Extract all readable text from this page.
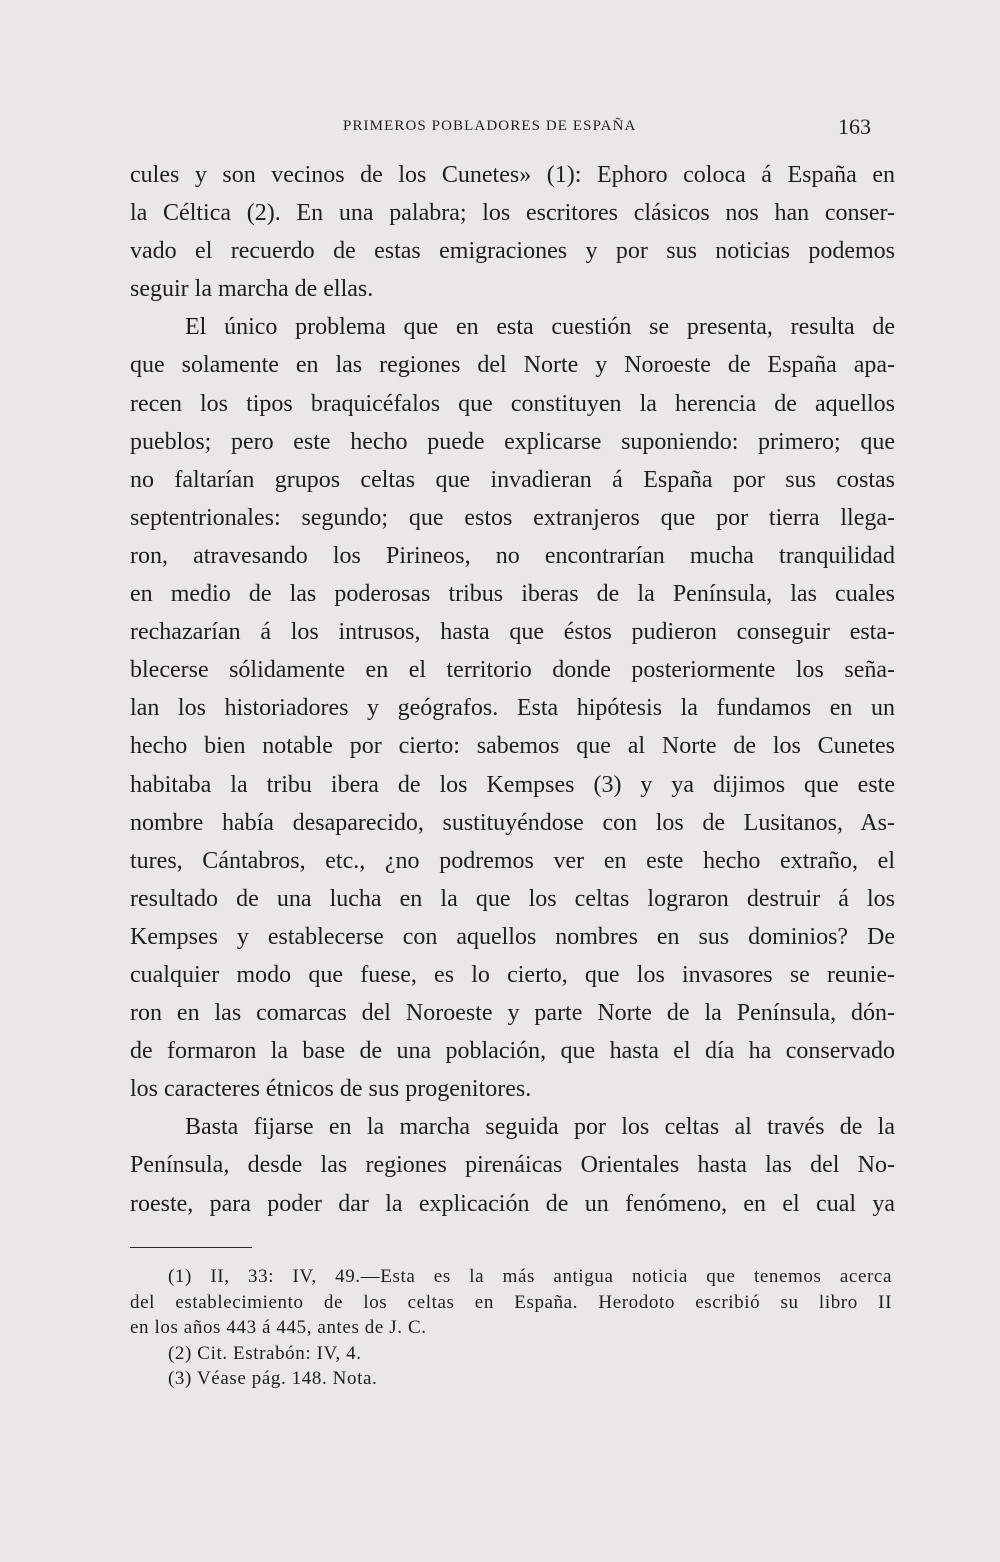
PRIMEROS POBLADORES DE ESPAÑA	163
cules y son vecinos de los Cunetes» (1): Ephoro coloca á España en
la Céltica (2). En una palabra; los escritores clásicos nos han conser-
vado el recuerdo de estas emigraciones y por sus noticias podemos
seguir la marcha de ellas.
El único problema que en esta cuestión se presenta, resulta de
que solamente en las regiones del Norte y Noroeste de España apa-
recen los tipos braquicéfalos que constituyen la herencia de aquellos
pueblos; pero este hecho puede explicarse suponiendo: primero; que
no faltarían grupos celtas que invadieran á España por sus costas
septentrionales: segundo; que estos extranjeros que por tierra llega-
ron, atravesando los Pirineos, no encontrarían mucha tranquilidad
en medio de las poderosas tribus iberas de la Península, las cuales
rechazarían á los intrusos, hasta que éstos pudieron conseguir esta-
blecerse sólidamente en el territorio donde posteriormente los seña-
lan los historiadores y geógrafos. Esta hipótesis la fundamos en un
hecho bien notable por cierto: sabemos que al Norte de los Cunetes
habitaba la tribu ibera de los Kempses (3) y ya dijimos que este
nombre había desaparecido, sustituyéndose con los de Lusitanos, As-
tures, Cántabros, etc., ¿no podremos ver en este hecho extraño, el
resultado de una lucha en la que los celtas lograron destruir á los
Kempses y establecerse con aquellos nombres en sus dominios? De
cualquier modo que fuese, es lo cierto, que los invasores se reunie-
ron en las comarcas del Noroeste y parte Norte de la Península, dón-
de formaron la base de una población, que hasta el día ha conservado
los caracteres étnicos de sus progenitores.
Basta fijarse en la marcha seguida por los celtas al través de la
Península, desde las regiones pirenáicas Orientales hasta las del No-
roeste, para poder dar la explicación de un fenómeno, en el cual ya
(1) II, 33: IV, 49.—Esta es la más antigua noticia que tenemos acerca
del establecimiento de los celtas en España. Herodoto escribió su libro II
en los años 443 á 445, antes de J. C.
(2) Cit. Estrabón: IV, 4.
(3) Véase pág. 148. Nota.
